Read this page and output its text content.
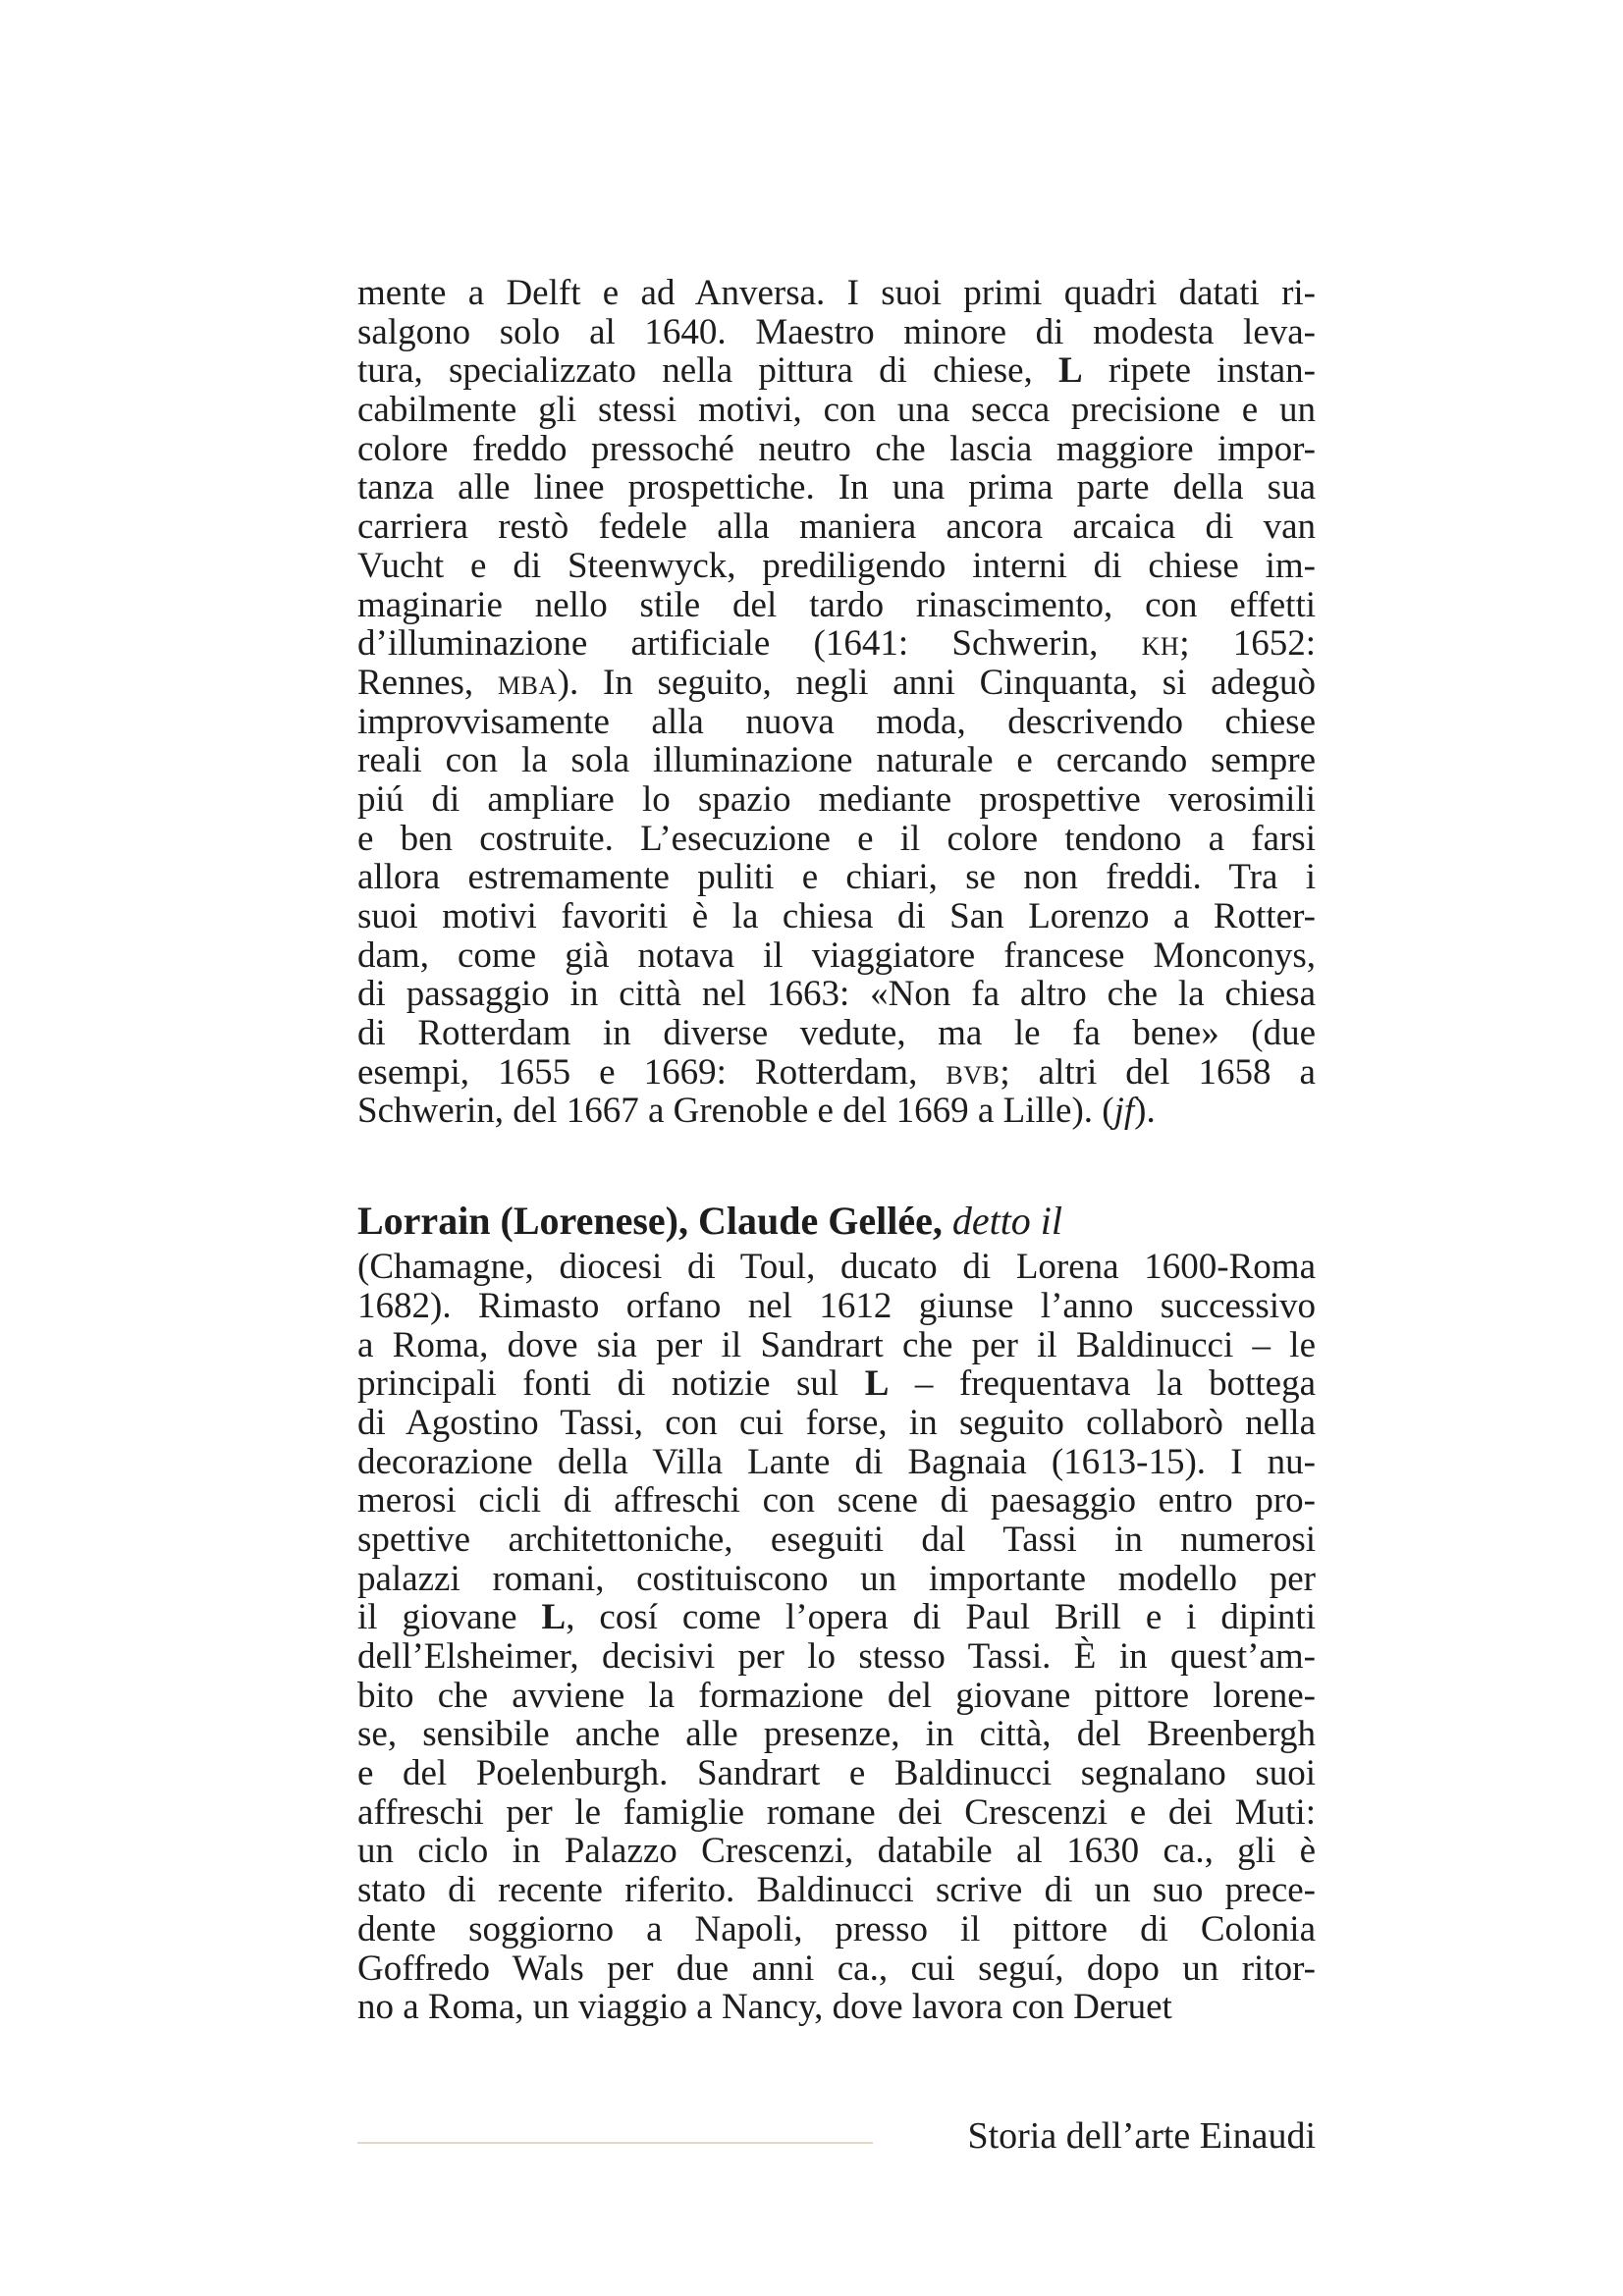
mente a Delft e ad Anversa. I suoi primi quadri datati ri-
salgono solo al 1640. Maestro minore di modesta leva-
tura, specializzato nella pittura di chiese, L ripete instan-
cabilmente gli stessi motivi, con una secca precisione e un
colore freddo pressoché neutro che lascia maggiore impor-
tanza alle linee prospettiche. In una prima parte della sua
carriera restò fedele alla maniera ancora arcaica di van
Vucht e di Steenwyck, prediligendo interni di chiese im-
maginarie nello stile del tardo rinascimento, con effetti
d’illuminazione artificiale (1641: Schwerin, kh; 1652:
Rennes, mba). In seguito, negli anni Cinquanta, si adeguò
improvvisamente alla nuova moda, descrivendo chiese
reali con la sola illuminazione naturale e cercando sempre
piú di ampliare lo spazio mediante prospettive verosimili
e ben costruite. L’esecuzione e il colore tendono a farsi
allora estremamente puliti e chiari, se non freddi. Tra i
suoi motivi favoriti è la chiesa di San Lorenzo a Rotter-
dam, come già notava il viaggiatore francese Monconys,
di passaggio in città nel 1663: «Non fa altro che la chiesa
di Rotterdam in diverse vedute, ma le fa bene» (due
esempi, 1655 e 1669: Rotterdam, bvb; altri del 1658 a
Schwerin, del 1667 a Grenoble e del 1669 a Lille). (jf).
Lorrain (Lorenese), Claude Gellée, detto il
(Chamagne, diocesi di Toul, ducato di Lorena 1600-Roma
1682). Rimasto orfano nel 1612 giunse l’anno successivo
a Roma, dove sia per il Sandrart che per il Baldinucci – le
principali fonti di notizie sul L – frequentava la bottega
di Agostino Tassi, con cui forse, in seguito collaborò nella
decorazione della Villa Lante di Bagnaia (1613-15). I nu-
merosi cicli di affreschi con scene di paesaggio entro pro-
spettive architettoniche, eseguiti dal Tassi in numerosi
palazzi romani, costituiscono un importante modello per
il giovane L, cosí come l’opera di Paul Brill e i dipinti
dell’Elsheimer, decisivi per lo stesso Tassi. È in quest’am-
bito che avviene la formazione del giovane pittore lorene-
se, sensibile anche alle presenze, in città, del Breenbergh
e del Poelenburgh. Sandrart e Baldinucci segnalano suoi
affreschi per le famiglie romane dei Crescenzi e dei Muti:
un ciclo in Palazzo Crescenzi, databile al 1630 ca., gli è
stato di recente riferito. Baldinucci scrive di un suo prece-
dente soggiorno a Napoli, presso il pittore di Colonia
Goffredo Wals per due anni ca., cui seguí, dopo un ritor-
no a Roma, un viaggio a Nancy, dove lavora con Deruet
Storia dell’arte Einaudi
